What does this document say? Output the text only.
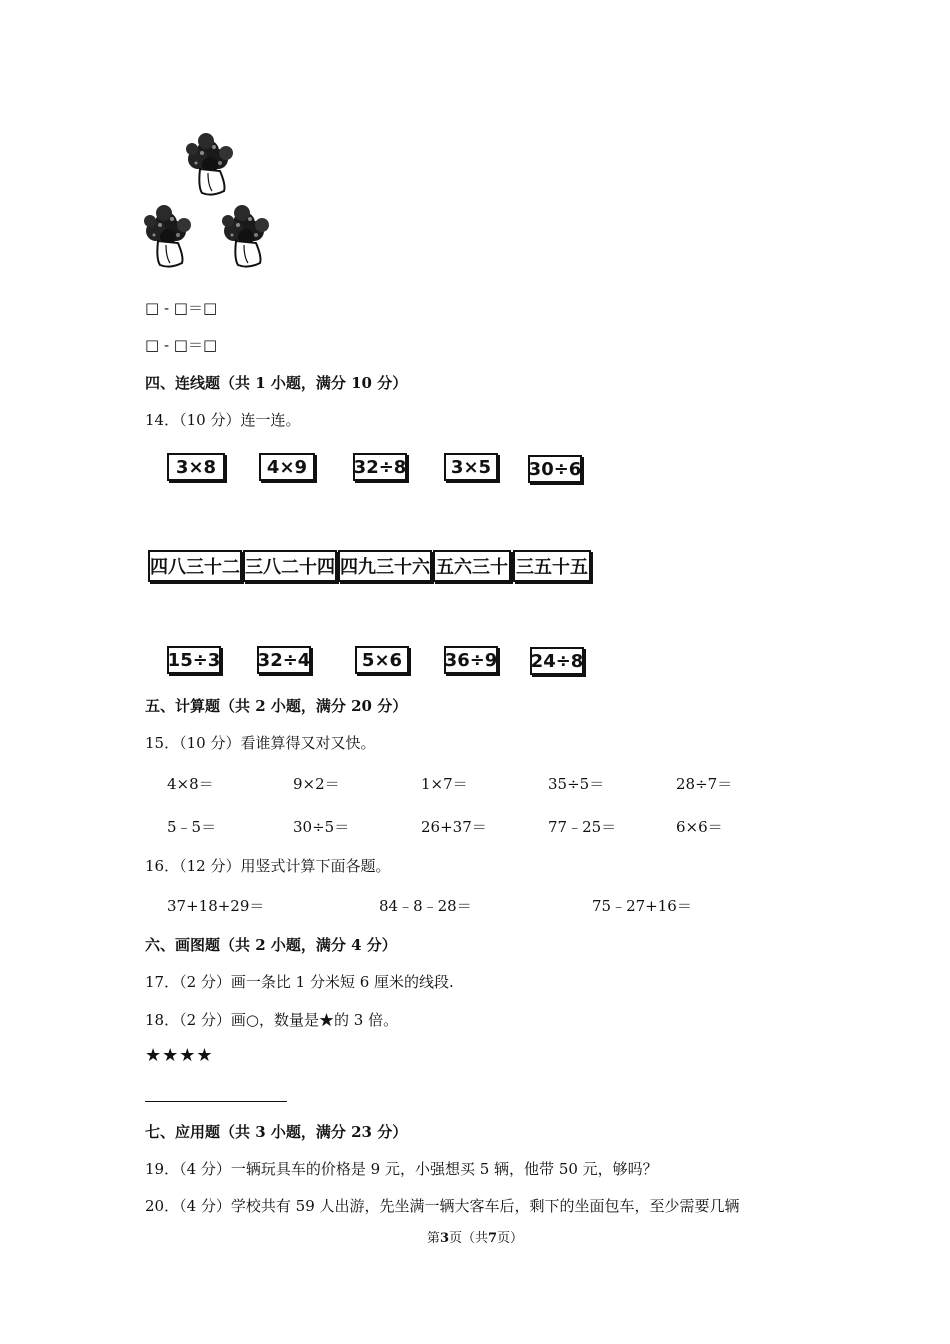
□ - □＝□
□ - □＝□
四、连线题（共 1 小题，满分 10 分）
14．（10 分）连一连。
3×8	4×9	32÷8	3×5	30÷6
四八三十二 三八二十四 四九三十六 五六三十 三五十五
15÷3 32÷4	5×6	36÷9 24÷8
五、计算题（共 2 小题，满分 20 分）
15．（10 分）看谁算得又对又快。
4×8＝	9×2＝	1×7＝	35÷5＝	28÷7＝
5﹣5＝	30÷5＝	26+37＝	77﹣25＝	6×6＝
16．（12 分）用竖式计算下面各题。
37+18+29＝	84﹣8﹣28＝	75﹣27+16＝
六、画图题（共 2 小题，满分 4 分）
17．（2 分）画一条比 1 分米短 6 厘米的线段.
18．（2 分）画○，数量是★的 3 倍。
★★★★
七、应用题（共 3 小题，满分 23 分）
19．（4 分）一辆玩具车的价格是 9 元，小强想买 5 辆，他带 50 元，够吗？
20．（4 分）学校共有 59 人出游，先坐满一辆大客车后，剩下的坐面包车，至少需要几辆
第3页（共7页）
